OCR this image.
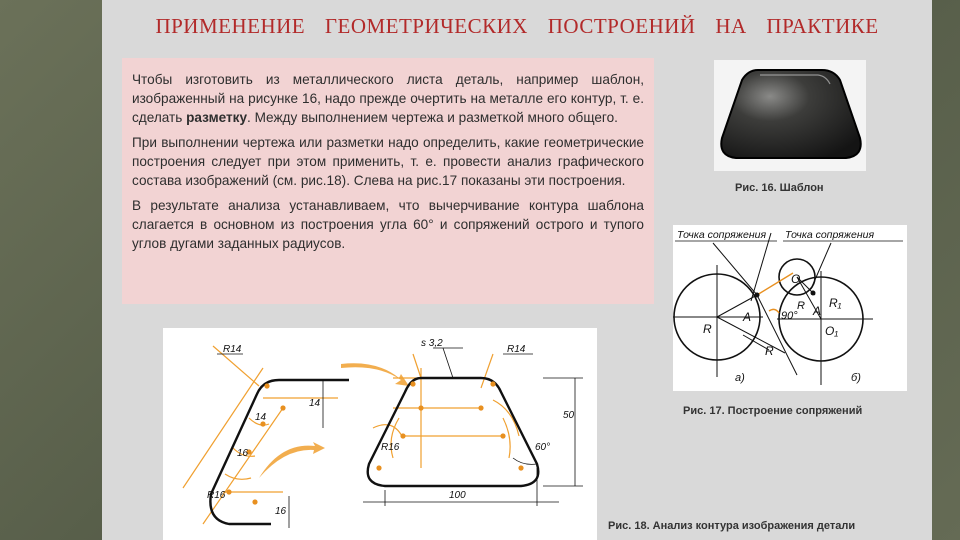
ПРИМЕНЕНИЕ ГЕОМЕТРИЧЕСКИХ ПОСТРОЕНИЙ НА ПРАКТИКЕ

Чтобы изготовить из металлического листа деталь, например шаблон, изображенный на рисунке 16, надо прежде очертить на металле его контур, т. е. сделать разметку. Между выполнением чертежа и разметкой много общего.

При выполнении чертежа или разметки надо определить, какие геометрические построения следует при этом применить, т. е. провести анализ графического состава изображений (см. рис.18). Слева на рис.17 показаны эти построения.

В результате анализа устанавливаем, что вычерчивание контура шаблона слагается в основном из построения угла 60° и сопряжений острого и тупого углов дугами заданных радиусов.

Рис. 16. Шаблон
Точка сопряжения Точка сопряжения
R
A
R
90°
O
R R₁
A
O₁
а)	б)
Рис. 17. Построение сопряжений
R14
s 3,2
R14
14
14
16
16
R16
R16
50
100
60°
Рис. 18. Анализ контура изображения детали
